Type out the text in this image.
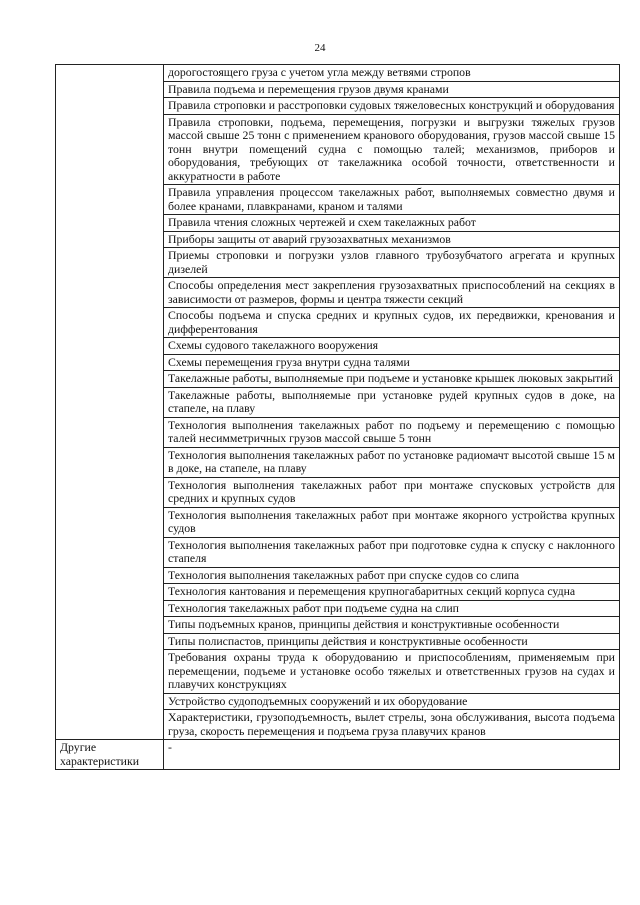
24
	дорогостоящего груза с учетом угла между ветвями стропов
	Правила подъема и перемещения грузов двумя кранами
	Правила строповки и расстроповки судовых тяжеловесных конструкций и оборудования
	Правила строповки, подъема, перемещения, погрузки и выгрузки тяжелых грузов массой свыше 25 тонн с применением кранового оборудования, грузов массой свыше 15 тонн внутри помещений судна с помощью талей; механизмов, приборов и оборудования, требующих от такелажника особой точности, ответственности и аккуратности в работе
	Правила управления процессом такелажных работ, выполняемых совместно двумя и более кранами, плавкранами, краном и талями
	Правила чтения сложных чертежей и схем такелажных работ
	Приборы защиты от аварий грузозахватных механизмов
	Приемы строповки и погрузки узлов главного трубозубчатого агрегата и крупных дизелей
	Способы определения мест закрепления грузозахватных приспособлений на секциях в зависимости от размеров, формы и центра тяжести секций
	Способы подъема и спуска средних и крупных судов, их передвижки, кренования и дифферентования
	Схемы судового такелажного вооружения
	Схемы перемещения груза внутри судна талями
	Такелажные работы, выполняемые при подъеме и установке крышек люковых закрытий
	Такелажные работы, выполняемые при установке рудей крупных судов в доке, на стапеле, на плаву
	Технология выполнения такелажных работ по подъему и перемещению с помощью талей несимметричных грузов массой свыше 5 тонн
	Технология выполнения такелажных работ по установке радиомачт высотой свыше 15 м в доке, на стапеле, на плаву
	Технология выполнения такелажных работ при монтаже спусковых устройств для средних и крупных судов
	Технология выполнения такелажных работ при монтаже якорного устройства крупных судов
	Технология выполнения такелажных работ при подготовке судна к спуску с наклонного стапеля
	Технология выполнения такелажных работ при спуске судов со слипа
	Технология кантования и перемещения крупногабаритных секций корпуса судна
	Технология такелажных работ при подъеме судна на слип
	Типы подъемных кранов, принципы действия и конструктивные особенности
	Типы полиспастов, принципы действия и конструктивные особенности
	Требования охраны труда к оборудованию и приспособлениям, применяемым при перемещении, подъеме и установке особо тяжелых и ответственных грузов на судах и плавучих конструкциях
	Устройство судоподъемных сооружений и их оборудование
	Характеристики, грузоподъемность, вылет стрелы, зона обслуживания, высота подъема груза, скорость перемещения и подъема груза плавучих кранов
Другие характеристики	-
